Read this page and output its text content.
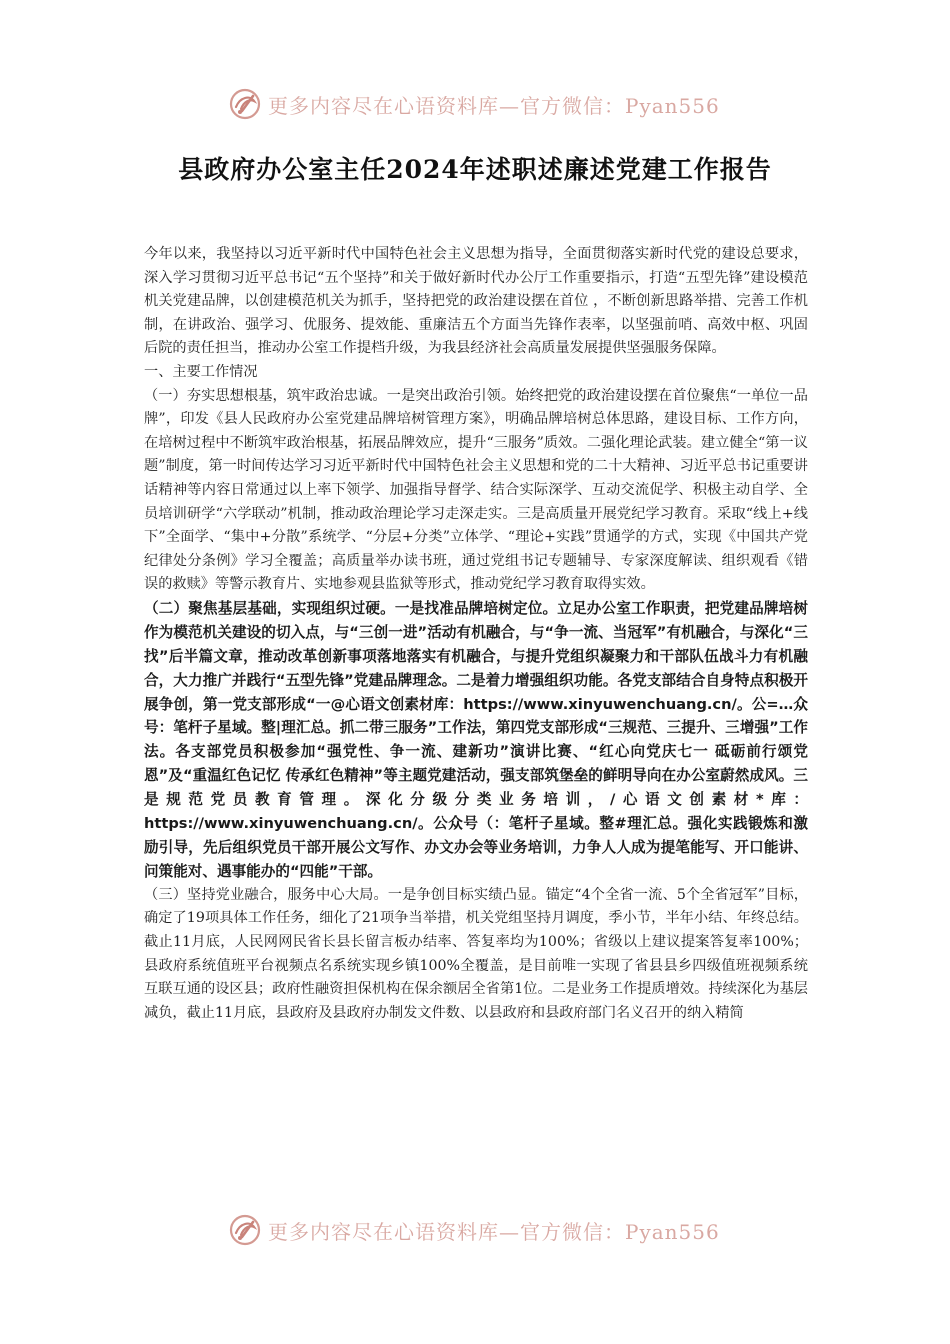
更多内容尽在心语资料库—官方微信：Pyan556
县政府办公室主任2024年述职述廉述党建工作报告

今年以来，我坚持以习近平新时代中国特色社会主义思想为指导，全面贯彻落实新时代党的建设总要求，深入学习贯彻习近平总书记“五个坚持”和关于做好新时代办公厅工作重要指示，打造“五型先锋”建设模范机关党建品牌，以创建模范机关为抓手，坚持把党的政治建设摆在首位 ，不断创新思路举措、完善工作机制，在讲政治、强学习、优服务、提效能、重廉洁五个方面当先锋作表率，以坚强前哨、高效中枢、巩固后院的责任担当，推动办公室工作提档升级，为我县经济社会高质量发展提供坚强服务保障。

一、主要工作情况

（一）夯实思想根基，筑牢政治忠诚。一是突出政治引领。始终把党的政治建设摆在首位聚焦“一单位一品牌”，印发《县人民政府办公室党建品牌培树管理方案》，明确品牌培树总体思路，建设目标、工作方向，在培树过程中不断筑牢政治根基，拓展品牌效应，提升“三服务”质效。二强化理论武装。建立健全“第一议题”制度，第一时间传达学习习近平新时代中国特色社会主义思想和党的二十大精神、习近平总书记重要讲话精神等内容日常通过以上率下领学、加强指导督学、结合实际深学、互动交流促学、积极主动自学、全员培训研学“六学联动”机制，推动政治理论学习走深走实。三是高质量开展党纪学习教育。采取“线上+线下”全面学、“集中+分散”系统学、“分层+分类”立体学、“理论+实践”贯通学的方式，实现《中国共产党纪律处分条例》学习全覆盖；高质量举办读书班，通过党组书记专题辅导、专家深度解读、组织观看《错误的救赎》等警示教育片、实地参观县监狱等形式，推动党纪学习教育取得实效。

（二）聚焦基层基础，实现组织过硬。一是找准品牌培树定位。立足办公室工作职责，把党建品牌培树作为模范机关建设的切入点，与“三创一进”活动有机融合，与“争一流、当冠军”有机融合，与深化“三找”后半篇文章，推动改革创新事项落地落实有机融合，与提升党组织凝聚力和干部队伍战斗力有机融合，大力推广并践行“五型先锋”党建品牌理念。二是着力增强组织功能。各党支部结合自身特点积极开展争创，第一党支部形成“一@心语文创素材库：https://www.xinyuwenchuang.cn/。公=…众号：笔杆子星域。整|理汇总。抓二带三服务”工作法，第四党支部形成“三规范、三提升、三增强”工作法。各支部党员积极参加“强党性、争一流、建新功”演讲比赛、“红心向党庆七一 砥砺前行颂党恩”及“重温红色记忆 传承红色精神”等主题党建活动，强支部筑堡垒的鲜明导向在办公室蔚然成风。三是规范党员教育管理。深化分级分类业务培训，/心语文创素材*库：https://www.xinyuwenchuang.cn/。公众号（：笔杆子星域。整#理汇总。强化实践锻炼和激励引导，先后组织党员干部开展公文写作、办文办会等业务培训，力争人人成为提笔能写、开口能讲、问策能对、遇事能办的“四能”干部。

（三）坚持党业融合，服务中心大局。一是争创目标实绩凸显。锚定“4个全省一流、5个全省冠军”目标，确定了19项具体工作任务，细化了21项争当举措，机关党组坚持月调度，季小节，半年小结、年终总结。截止11月底，人民网网民省长县长留言板办结率、答复率均为100%；省级以上建议提案答复率100%；县政府系统值班平台视频点名系统实现乡镇100%全覆盖，是目前唯一实现了省县县乡四级值班视频系统互联互通的设区县；政府性融资担保机构在保余额居全省第1位。二是业务工作提质增效。持续深化为基层减负，截止11月底，县政府及县政府办制发文件数、以县政府和县政府部门名义召开的纳入精简

更多内容尽在心语资料库—官方微信：Pyan556
